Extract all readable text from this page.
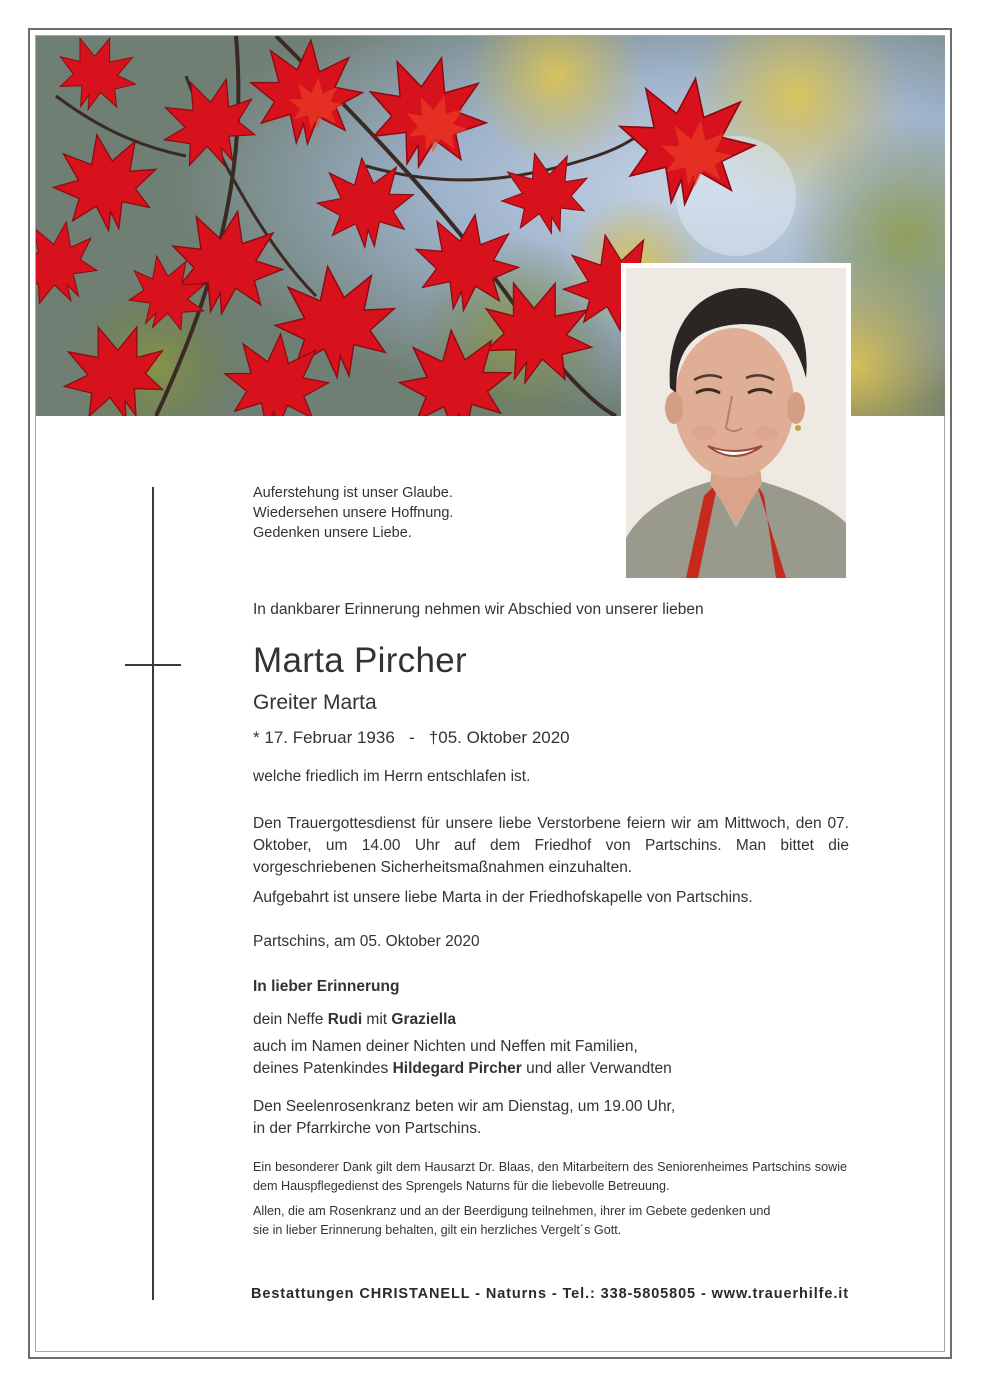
Auferstehung ist unser Glaube.
Wiedersehen unsere Hoffnung.
Gedenken unsere Liebe.
In dankbarer Erinnerung nehmen wir Abschied von unserer lieben
Marta Pircher
Greiter Marta
* 17. Februar 1936 - †05. Oktober 2020
welche friedlich im Herrn entschlafen ist.
Den Trauergottesdienst für unsere liebe Verstorbene feiern wir am Mittwoch, den 07. Oktober, um 14.00 Uhr auf dem Friedhof von Partschins. Man bittet die vorgeschriebenen Sicherheitsmaßnahmen einzuhalten.
Aufgebahrt ist unsere liebe Marta in der Friedhofskapelle von Partschins.
Partschins, am 05. Oktober 2020
In lieber Erinnerung
dein Neffe Rudi mit Graziella
auch im Namen deiner Nichten und Neffen mit Familien,
deines Patenkindes Hildegard Pircher und aller Verwandten
Den Seelenrosenkranz beten wir am Dienstag, um 19.00 Uhr,
in der Pfarrkirche von Partschins.
Ein besonderer Dank gilt dem Hausarzt Dr. Blaas, den Mitarbeitern des Seniorenheimes Partschins sowie dem Hauspflegedienst des Sprengels Naturns für die liebevolle Betreuung.
Allen, die am Rosenkranz und an der Beerdigung teilnehmen, ihrer im Gebete gedenken und
sie in lieber Erinnerung behalten, gilt ein herzliches Vergelt´s Gott.
Bestattungen CHRISTANELL - Naturns - Tel.: 338-5805805 - www.trauerhilfe.it
